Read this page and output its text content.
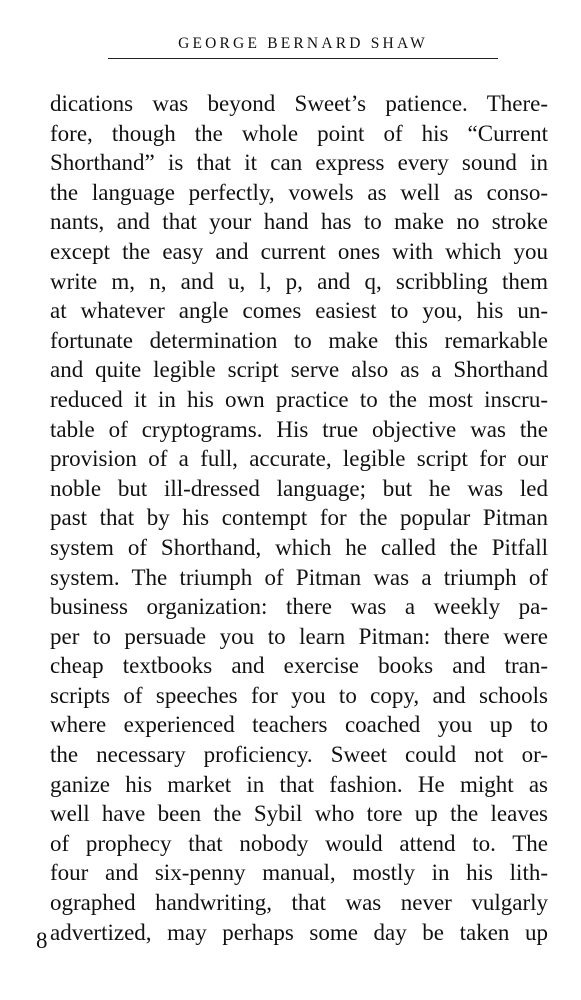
GEORGE BERNARD SHAW
dications was beyond Sweet’s patience. There-
fore, though the whole point of his “Current
Shorthand” is that it can express every sound in
the language perfectly, vowels as well as conso-
nants, and that your hand has to make no stroke
except the easy and current ones with which you
write m, n, and u, l, p, and q, scribbling them
at whatever angle comes easiest to you, his un-
fortunate determination to make this remarkable
and quite legible script serve also as a Shorthand
reduced it in his own practice to the most inscru-
table of cryptograms. His true objective was the
provision of a full, accurate, legible script for our
noble but ill-dressed language; but he was led
past that by his contempt for the popular Pitman
system of Shorthand, which he called the Pitfall
system. The triumph of Pitman was a triumph of
business organization: there was a weekly pa-
per to persuade you to learn Pitman: there were
cheap textbooks and exercise books and tran-
scripts of speeches for you to copy, and schools
where experienced teachers coached you up to
the necessary proficiency. Sweet could not or-
ganize his market in that fashion. He might as
well have been the Sybil who tore up the leaves
of prophecy that nobody would attend to. The
four and six-penny manual, mostly in his lith-
ographed handwriting, that was never vulgarly
advertized, may perhaps some day be taken up
8
